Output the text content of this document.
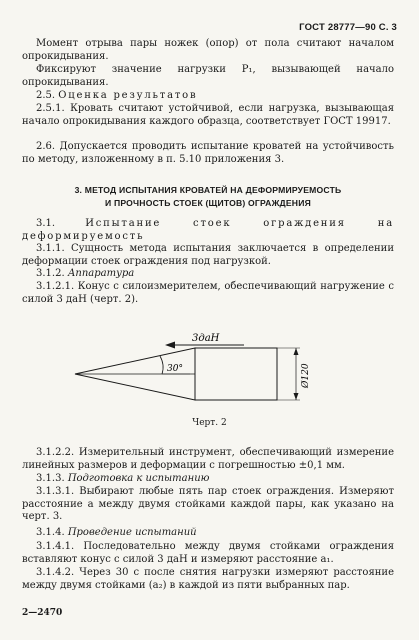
ГОСТ 28777—90 С. 3
Момент отрыва пары ножек (опор) от пола считают началом опрокидывания.
Фиксируют значение нагрузки P₁, вызывающей начало опрокидывания.
2.5. Оценка результатов
2.5.1. Кровать считают устойчивой, если нагрузка, вызывающая начало опрокидывания каждого образца, соответствует ГОСТ 19917.
2.6. Допускается проводить испытание кроватей на устойчивость по методу, изложенному в п. 5.10 приложения 3.
3. МЕТОД ИСПЫТАНИЯ КРОВАТЕЙ НА ДЕФОРМИРУЕМОСТЬ
И ПРОЧНОСТЬ СТОЕК (ЩИТОВ) ОГРАЖДЕНИЯ
3.1.	Испытание стоек ограждения на деформируемость
3.1.1. Сущность метода испытания заключается в определении деформации стоек ограждения под нагрузкой.
3.1.2. Аппаратура
3.1.2.1. Конус с силоизмерителем, обеспечивающий нагружение с силой 3 даН (черт. 2).
3даН
30°	Ø120
Черт. 2
3.1.2.2. Измерительный инструмент, обеспечивающий измерение линейных размеров и деформации с погрешностью ±0,1 мм.
3.1.3. Подготовка к испытанию
3.1.3.1. Выбирают любые пять пар стоек ограждения. Измеряют расстояние a между двумя стойками каждой пары, как указано на черт. 3.
3.1.4. Проведение испытаний
3.1.4.1. Последовательно между двумя стойками ограждения вставляют конус с силой 3 даН и измеряют расстояние a₁.
3.1.4.2. Через 30 с после снятия нагрузки измеряют расстояние между двумя стойками (a₂) в каждой из пяти выбранных пар.
2—2470
